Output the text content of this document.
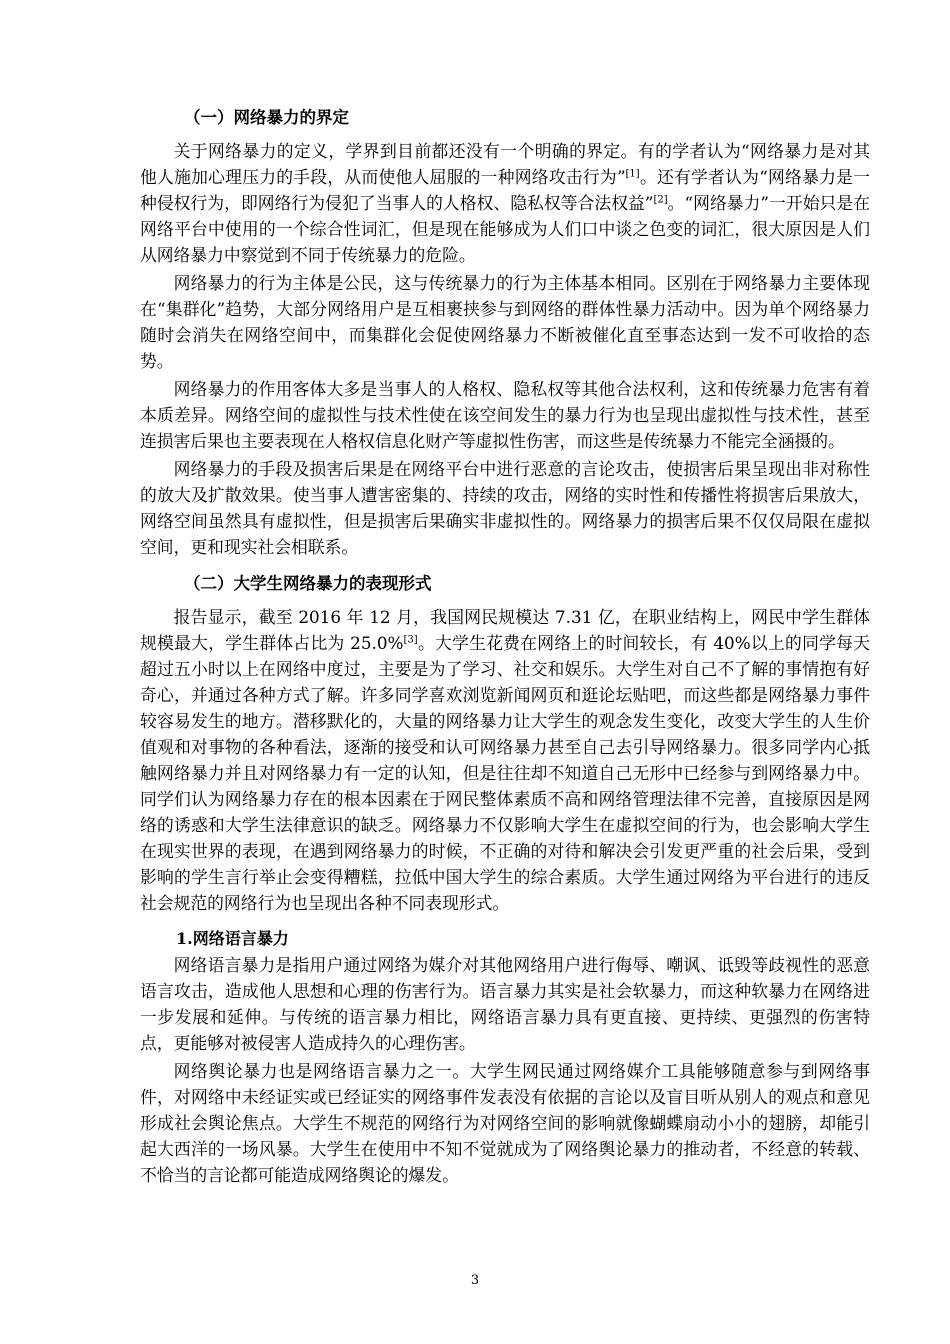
（一）网络暴力的界定

关于网络暴力的定义，学界到目前都还没有一个明确的界定。有的学者认为“网络暴力是对其他人施加心理压力的手段，从而使他人屈服的一种网络攻击行为”[1]。还有学者认为“网络暴力是一种侵权行为，即网络行为侵犯了当事人的人格权、隐私权等合法权益”[2]。“网络暴力”一开始只是在网络平台中使用的一个综合性词汇，但是现在能够成为人们口中谈之色变的词汇，很大原因是人们从网络暴力中察觉到不同于传统暴力的危险。

网络暴力的行为主体是公民，这与传统暴力的行为主体基本相同。区别在于网络暴力主要体现在“集群化”趋势，大部分网络用户是互相裹挟参与到网络的群体性暴力活动中。因为单个网络暴力随时会消失在网络空间中，而集群化会促使网络暴力不断被催化直至事态达到一发不可收拾的态势。

网络暴力的作用客体大多是当事人的人格权、隐私权等其他合法权利，这和传统暴力危害有着本质差异。网络空间的虚拟性与技术性使在该空间发生的暴力行为也呈现出虚拟性与技术性，甚至连损害后果也主要表现在人格权信息化财产等虚拟性伤害，而这些是传统暴力不能完全涵摄的。

网络暴力的手段及损害后果是在网络平台中进行恶意的言论攻击，使损害后果呈现出非对称性的放大及扩散效果。使当事人遭害密集的、持续的攻击，网络的实时性和传播性将损害后果放大，网络空间虽然具有虚拟性，但是损害后果确实非虚拟性的。网络暴力的损害后果不仅仅局限在虚拟空间，更和现实社会相联系。

（二）大学生网络暴力的表现形式

报告显示，截至 2016 年 12 月，我国网民规模达 7.31 亿，在职业结构上，网民中学生群体规模最大，学生群体占比为 25.0%[3]。大学生花费在网络上的时间较长，有 40%以上的同学每天超过五小时以上在网络中度过，主要是为了学习、社交和娱乐。大学生对自己不了解的事情抱有好奇心，并通过各种方式了解。许多同学喜欢浏览新闻网页和逛论坛贴吧，而这些都是网络暴力事件较容易发生的地方。潜移默化的，大量的网络暴力让大学生的观念发生变化，改变大学生的人生价值观和对事物的各种看法，逐渐的接受和认可网络暴力甚至自己去引导网络暴力。很多同学内心抵触网络暴力并且对网络暴力有一定的认知，但是往往却不知道自己无形中已经参与到网络暴力中。同学们认为网络暴力存在的根本因素在于网民整体素质不高和网络管理法律不完善，直接原因是网络的诱惑和大学生法律意识的缺乏。网络暴力不仅影响大学生在虚拟空间的行为，也会影响大学生在现实世界的表现，在遇到网络暴力的时候，不正确的对待和解决会引发更严重的社会后果，受到影响的学生言行举止会变得糟糕，拉低中国大学生的综合素质。大学生通过网络为平台进行的违反社会规范的网络行为也呈现出各种不同表现形式。

1.网络语言暴力

网络语言暴力是指用户通过网络为媒介对其他网络用户进行侮辱、嘲讽、诋毁等歧视性的恶意语言攻击，造成他人思想和心理的伤害行为。语言暴力其实是社会软暴力，而这种软暴力在网络进一步发展和延伸。与传统的语言暴力相比，网络语言暴力具有更直接、更持续、更强烈的伤害特点，更能够对被侵害人造成持久的心理伤害。

网络舆论暴力也是网络语言暴力之一。大学生网民通过网络媒介工具能够随意参与到网络事件，对网络中未经证实或已经证实的网络事件发表没有依据的言论以及盲目听从别人的观点和意见形成社会舆论焦点。大学生不规范的网络行为对网络空间的影响就像蝴蝶扇动小小的翅膀，却能引起大西洋的一场风暴。大学生在使用中不知不觉就成为了网络舆论暴力的推动者，不经意的转载、不恰当的言论都可能造成网络舆论的爆发。

3
